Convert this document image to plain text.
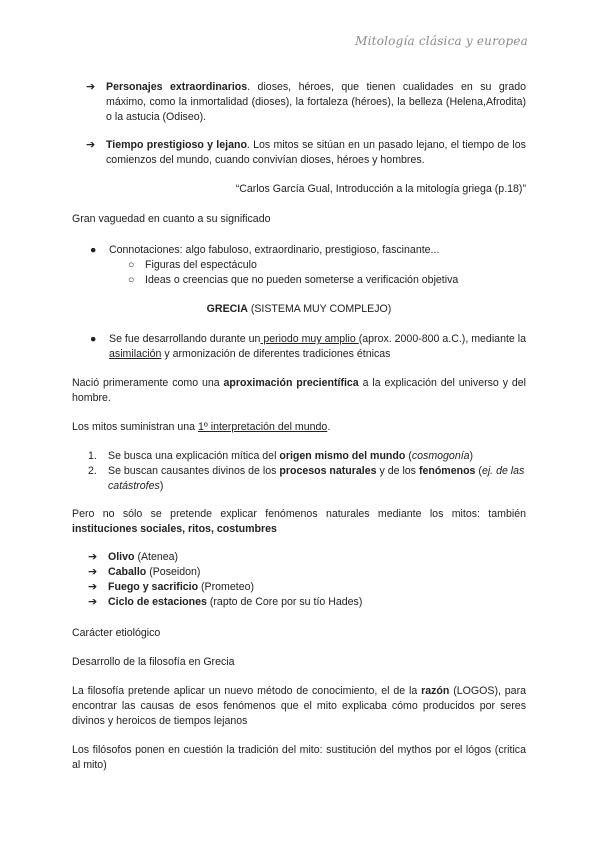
Mitología clásica y europea
➔ Personajes extraordinarios. dioses, héroes, que tienen cualidades en su grado máximo, como la inmortalidad (dioses), la fortaleza (héroes), la belleza (Helena,Afrodita) o la astucia (Odiseo).
➔ Tiempo prestigioso y lejano. Los mitos se sitúan en un pasado lejano, el tiempo de los comienzos del mundo, cuando convivían dioses, héroes y hombres.
“Carlos García Gual, Introducción a la mitología griega (p.18)”
Gran vaguedad en cuanto a su significado
● Connotaciones: algo fabuloso, extraordinario, prestigioso, fascinante...
○ Figuras del espectáculo
○ Ideas o creencias que no pueden someterse a verificación objetiva
GRECIA (SISTEMA MUY COMPLEJO)
● Se fue desarrollando durante un periodo muy amplio (aprox. 2000-800 a.C.), mediante la asimilación y armonización de diferentes tradiciones étnicas
Nació primeramente como una aproximación precientífica a la explicación del universo y del hombre.
Los mitos suministran una 1º interpretación del mundo.
1. Se busca una explicación mítica del origen mismo del mundo (cosmogonía)
2. Se buscan causantes divinos de los procesos naturales y de los fenómenos (ej. de las catástrofes)
Pero no sólo se pretende explicar fenómenos naturales mediante los mitos: también instituciones sociales, ritos, costumbres
➔ Olivo (Atenea)
➔ Caballo (Poseidon)
➔ Fuego y sacrificio (Prometeo)
➔ Ciclo de estaciones (rapto de Core por su tío Hades)
Carácter etiológico
Desarrollo de la filosofía en Grecia
La filosofía pretende aplicar un nuevo método de conocimiento, el de la razón (LOGOS), para encontrar las causas de esos fenómenos que el mito explicaba cómo producidos por seres divinos y heroicos de tiempos lejanos
Los filósofos ponen en cuestión la tradición del mito: sustitución del mythos por el lógos (critica al mito)
